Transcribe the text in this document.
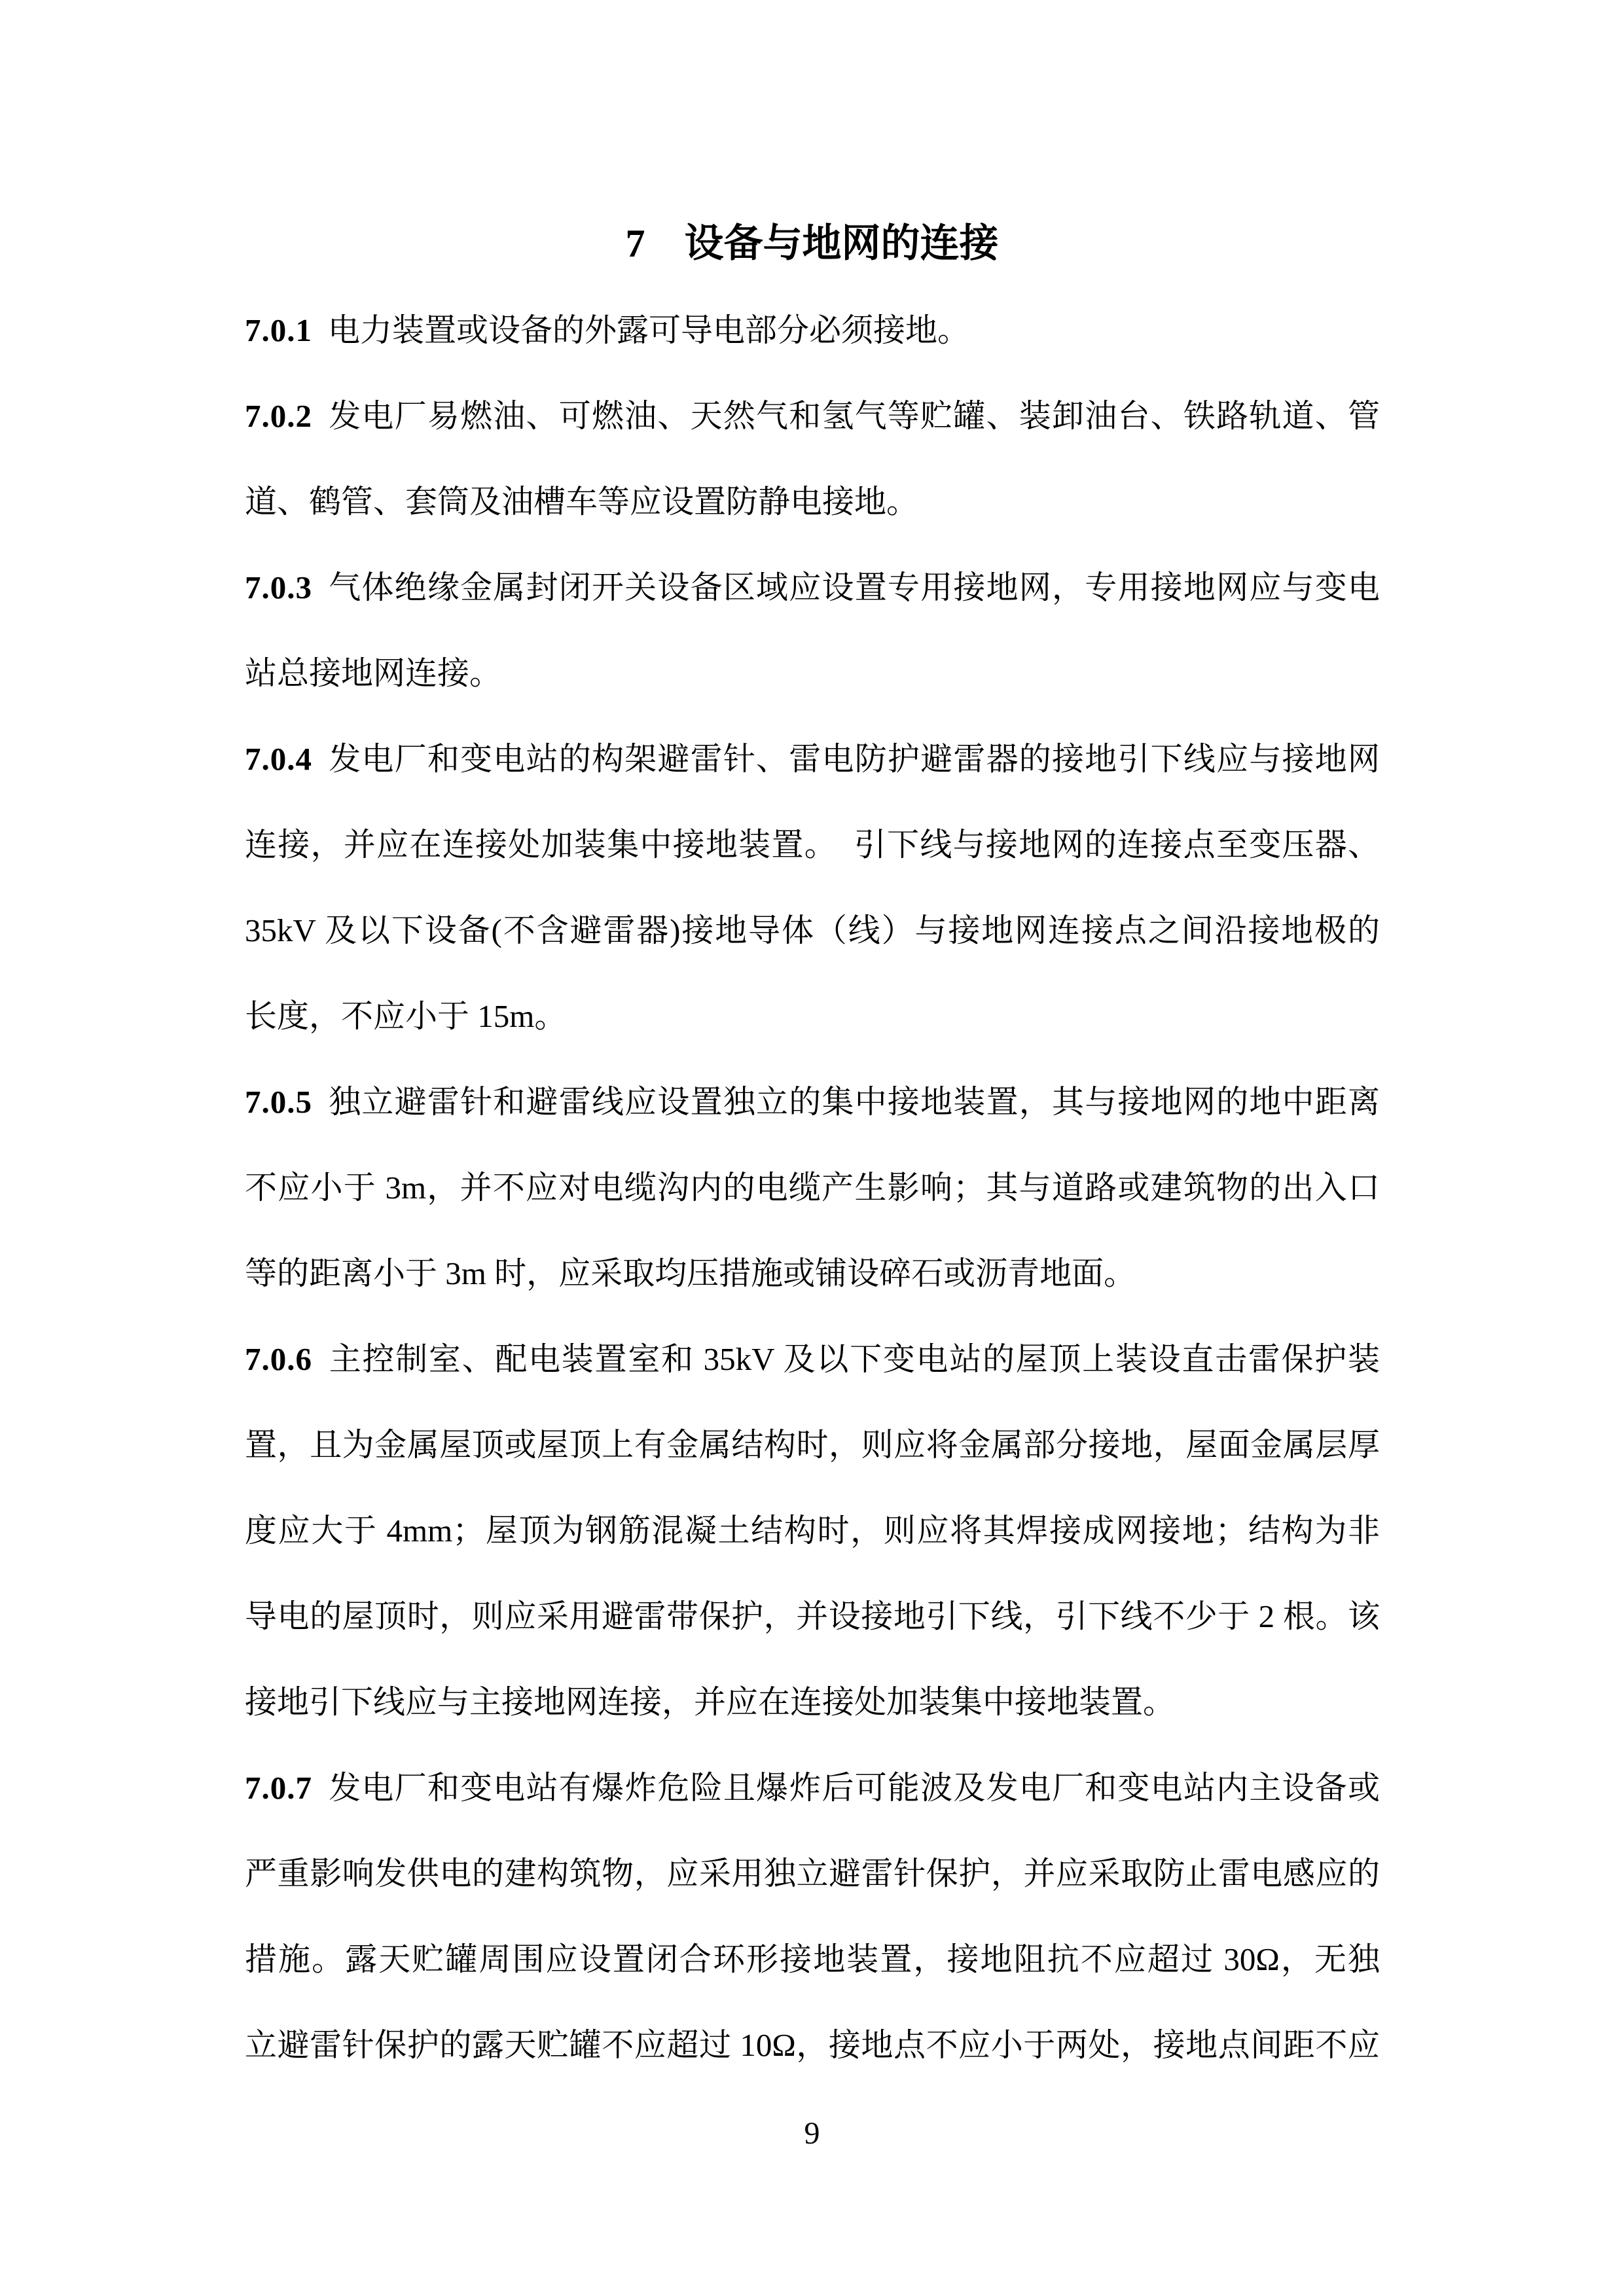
7　设备与地网的连接
7.0.1 电力装置或设备的外露可导电部分必须接地。
7.0.2 发电厂易燃油、可燃油、天然气和氢气等贮罐、装卸油台、铁路轨道、管
道、鹤管、套筒及油槽车等应设置防静电接地。
7.0.3 气体绝缘金属封闭开关设备区域应设置专用接地网，专用接地网应与变电
站总接地网连接。
7.0.4 发电厂和变电站的构架避雷针、雷电防护避雷器的接地引下线应与接地网
连接，并应在连接处加装集中接地装置。　引下线与接地网的连接点至变压器、
35kV 及以下设备(不含避雷器)接地导体（线）与接地网连接点之间沿接地极的
长度，不应小于 15m。
7.0.5 独立避雷针和避雷线应设置独立的集中接地装置，其与接地网的地中距离
不应小于 3m，并不应对电缆沟内的电缆产生影响；其与道路或建筑物的出入口
等的距离小于 3m 时，应采取均压措施或铺设碎石或沥青地面。
7.0.6 主控制室、配电装置室和 35kV 及以下变电站的屋顶上装设直击雷保护装
置，且为金属屋顶或屋顶上有金属结构时，则应将金属部分接地，屋面金属层厚
度应大于 4mm；屋顶为钢筋混凝土结构时，则应将其焊接成网接地；结构为非
导电的屋顶时，则应采用避雷带保护，并设接地引下线，引下线不少于 2 根。该
接地引下线应与主接地网连接，并应在连接处加装集中接地装置。
7.0.7 发电厂和变电站有爆炸危险且爆炸后可能波及发电厂和变电站内主设备或
严重影响发供电的建构筑物，应采用独立避雷针保护，并应采取防止雷电感应的
措施。露天贮罐周围应设置闭合环形接地装置，接地阻抗不应超过 30Ω，无独
立避雷针保护的露天贮罐不应超过 10Ω，接地点不应小于两处，接地点间距不应
9
